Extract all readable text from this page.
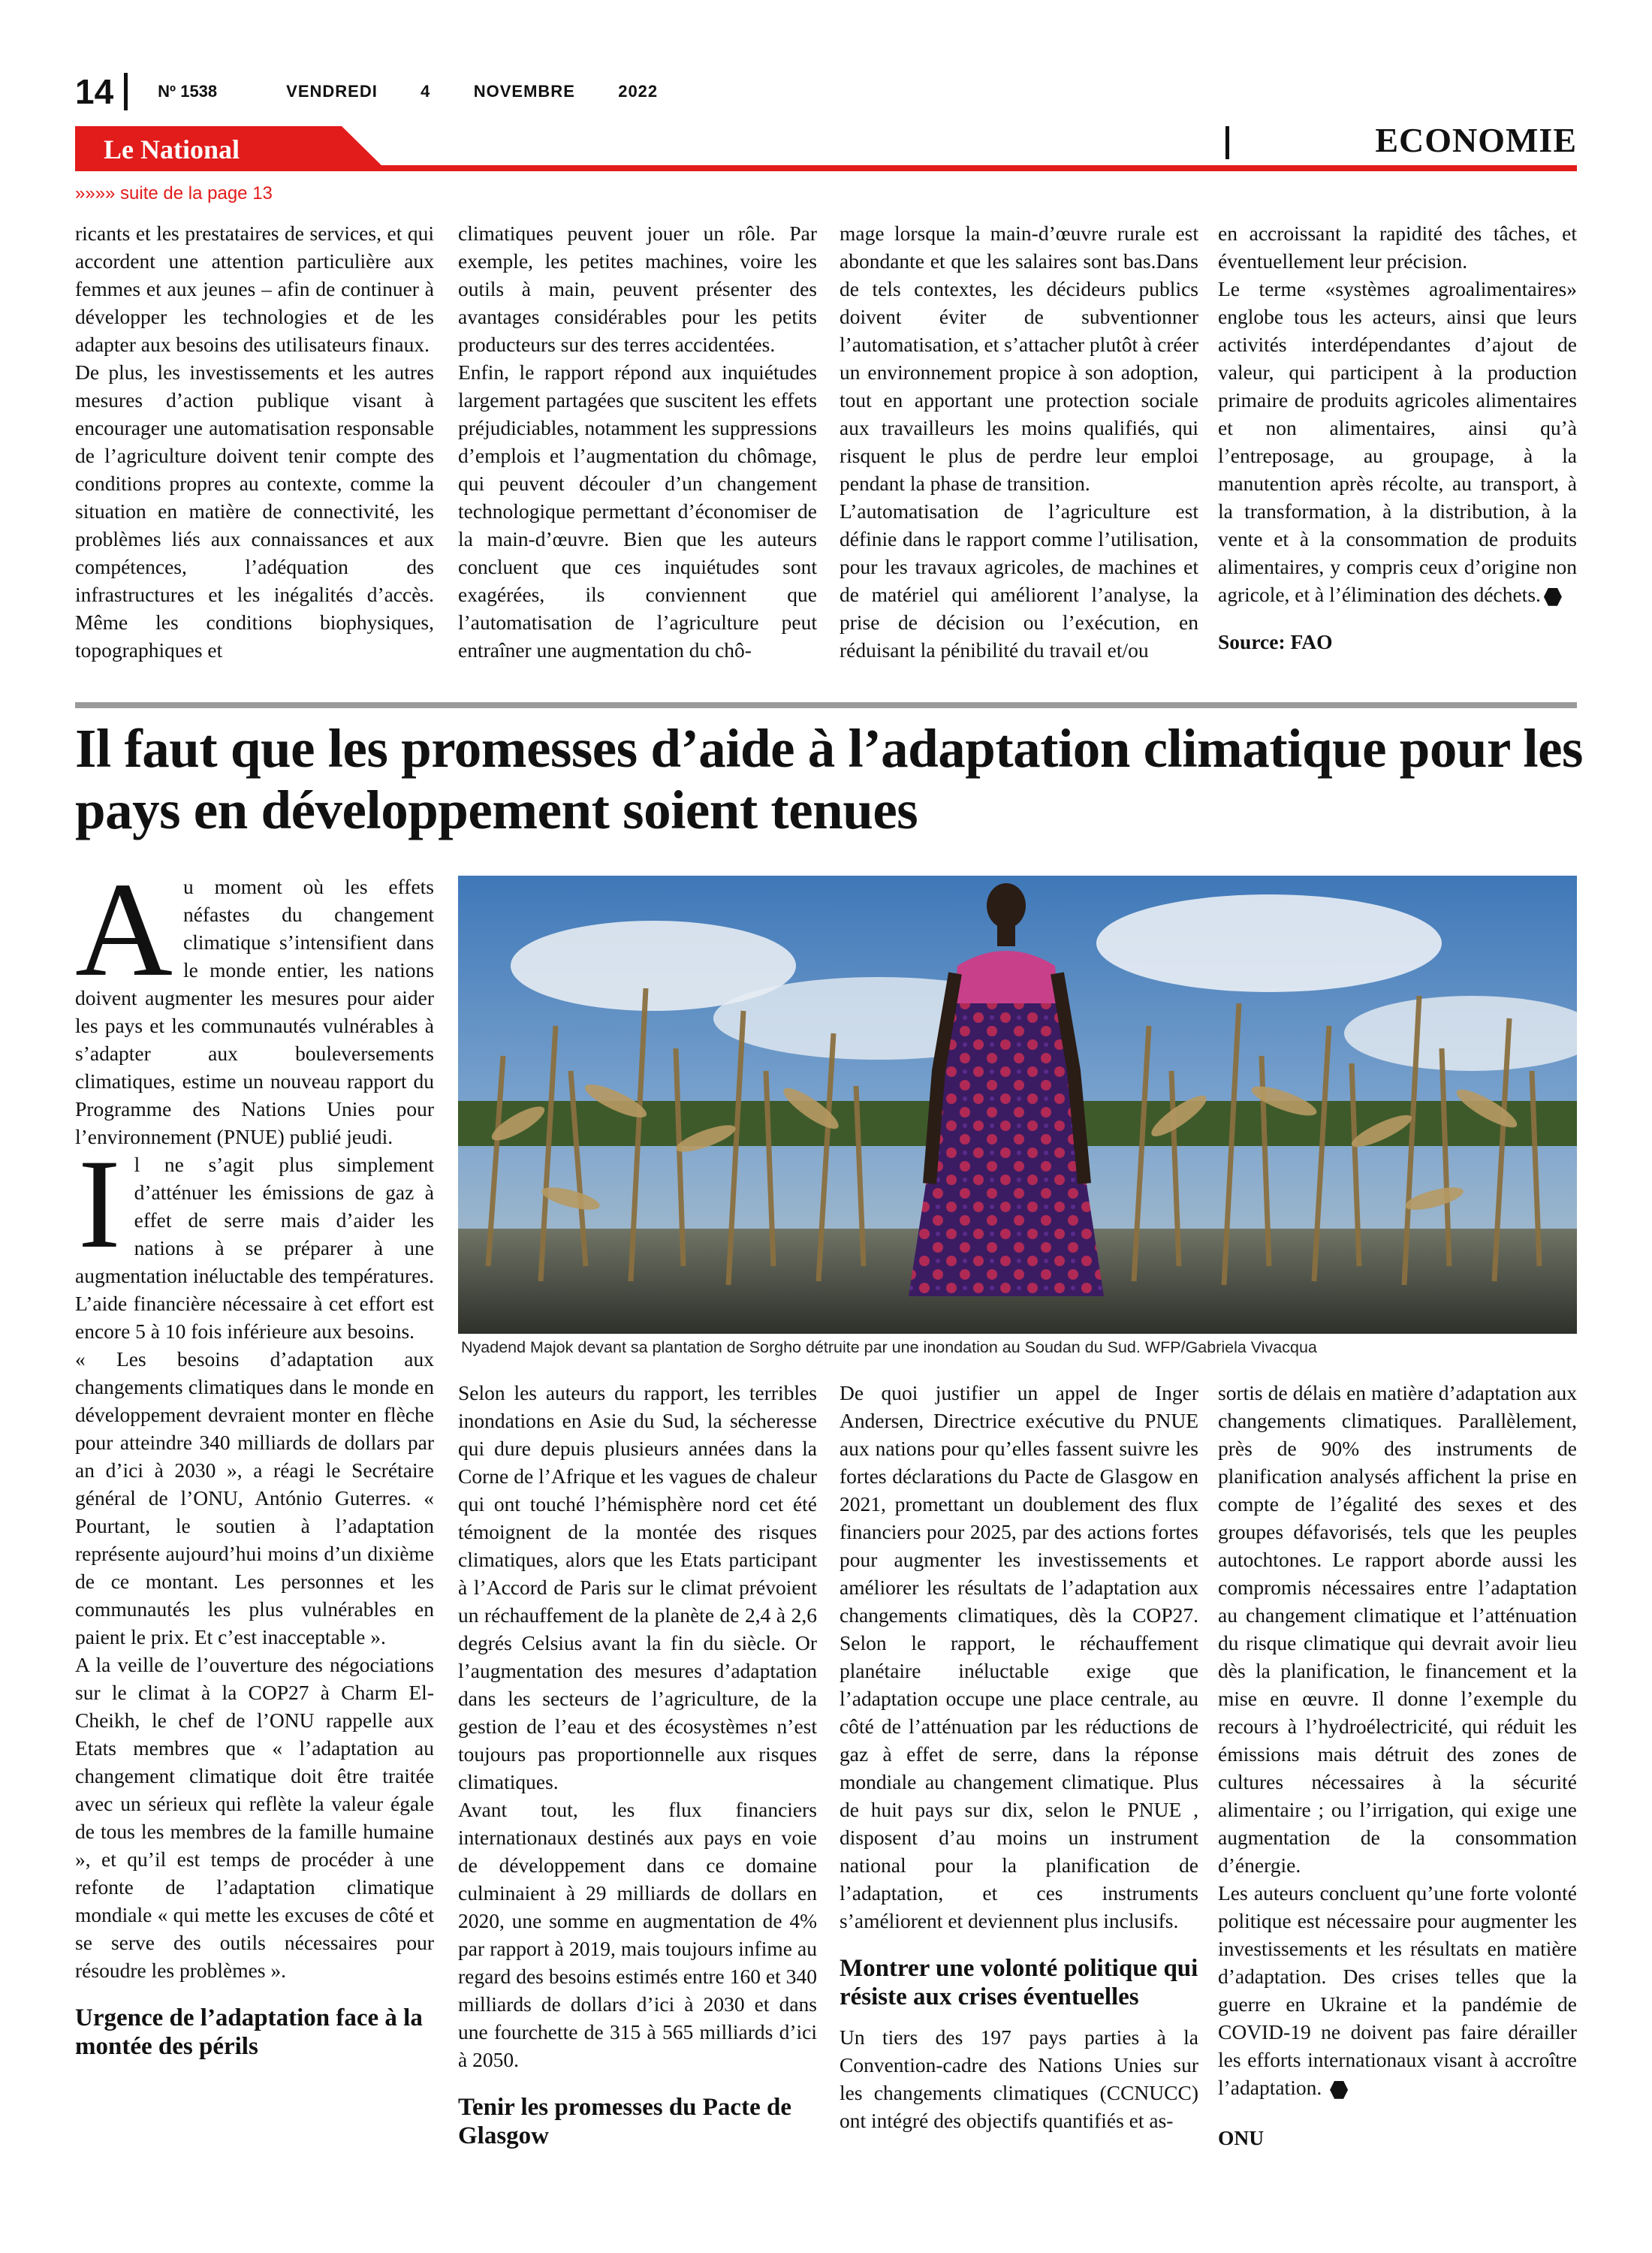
14	Nº 1538	VENDREDI   4   NOVEMBRE   2022
Le National	ECONOMIE
»»»» suite de la page 13

ricants et les prestataires de services, et qui accordent une attention particulière aux femmes et aux jeunes – afin de continuer à développer les technologies et de les adapter aux besoins des utilisateurs finaux.

De plus, les investissements et les autres mesures d’action publique visant à encourager une automatisation responsable de l’agriculture doivent tenir compte des conditions propres au contexte, comme la situation en matière de connectivité, les problèmes liés aux connaissances et aux compétences, l’adéquation des infrastructures et les inégalités d’accès. Même les conditions biophysiques, topographiques et

climatiques peuvent jouer un rôle. Par exemple, les petites machines, voire les outils à main, peuvent présenter des avantages considérables pour les petits producteurs sur des terres accidentées.

Enfin, le rapport répond aux inquiétudes largement partagées que suscitent les effets préjudiciables, notamment les suppressions d’emplois et l’augmentation du chômage, qui peuvent découler d’un changement technologique permettant d’économiser de la main-d’œuvre. Bien que les auteurs concluent que ces inquiétudes sont exagérées, ils conviennent que l’automatisation de l’agriculture peut entraîner une augmentation du chô-

mage lorsque la main-d’œuvre rurale est abondante et que les salaires sont bas.Dans de tels contextes, les décideurs publics doivent éviter de subventionner l’automatisation, et s’attacher plutôt à créer un environnement propice à son adoption, tout en apportant une protection sociale aux travailleurs les moins qualifiés, qui risquent le plus de perdre leur emploi pendant la phase de transition.

L’automatisation de l’agriculture est définie dans le rapport comme l’utilisation, pour les travaux agricoles, de machines et de matériel qui améliorent l’analyse, la prise de décision ou l’exécution, en réduisant la pénibilité du travail et/ou

en accroissant la rapidité des tâches, et éventuellement leur précision.

Le terme «systèmes agroalimentaires» englobe tous les acteurs, ainsi que leurs activités interdépendantes d’ajout de valeur, qui participent à la production primaire de produits agricoles alimentaires et non alimentaires, ainsi qu’à l’entreposage, au groupage, à la manutention après récolte, au transport, à la transformation, à la distribution, à la vente et à la consommation de produits alimentaires, y compris ceux d’origine non agricole, et à l’élimination des déchets.

Source: FAO

Il faut que les promesses d’aide à l’adaptation climatique pour les pays en développement soient tenues
Nyadend Majok devant sa plantation de Sorgho détruite par une inondation au Soudan du Sud. WFP/Gabriela Vivacqua

Au moment où les effets néfastes du changement climatique s’intensifient dans le monde entier, les nations doivent augmenter les mesures pour aider les pays et les communautés vulnérables à s’adapter aux bouleversements climatiques, estime un nouveau rapport du Programme des Nations Unies pour l’environnement (PNUE) publié jeudi.

Il ne s’agit plus simplement d’atténuer les émissions de gaz à effet de serre mais d’aider les nations à se préparer à une augmentation inéluctable des températures. L’aide financière nécessaire à cet effort est encore 5 à 10 fois inférieure aux besoins.

« Les besoins d’adaptation aux changements climatiques dans le monde en développement devraient monter en flèche pour atteindre 340 milliards de dollars par an d’ici à 2030 », a réagi le Secrétaire général de l’ONU, António Guterres. « Pourtant, le soutien à l’adaptation représente aujourd’hui moins d’un dixième de ce montant. Les personnes et les communautés les plus vulnérables en paient le prix. Et c’est inacceptable ».

A la veille de l’ouverture des négociations sur le climat à la COP27 à Charm El-Cheikh, le chef de l’ONU rappelle aux Etats membres que « l’adaptation au changement climatique doit être traitée avec un sérieux qui reflète la valeur égale de tous les membres de la famille humaine », et qu’il est temps de procéder à une refonte de l’adaptation climatique mondiale « qui mette les excuses de côté et se serve des outils nécessaires pour résoudre les problèmes ».

Urgence de l’adaptation face à la montée des périls

Selon les auteurs du rapport, les terribles inondations en Asie du Sud, la sécheresse qui dure depuis plusieurs années dans la Corne de l’Afrique et les vagues de chaleur qui ont touché l’hémisphère nord cet été témoignent de la montée des risques climatiques, alors que les Etats participant à l’Accord de Paris sur le climat prévoient un réchauffement de la planète de 2,4 à 2,6 degrés Celsius avant la fin du siècle. Or l’augmentation des mesures d’adaptation dans les secteurs de l’agriculture, de la gestion de l’eau et des écosystèmes n’est toujours pas proportionnelle aux risques climatiques.

Avant tout, les flux financiers internationaux destinés aux pays en voie de développement dans ce domaine culminaient à 29 milliards de dollars en 2020, une somme en augmentation de 4% par rapport à 2019, mais toujours infime au regard des besoins estimés entre 160 et 340 milliards de dollars d’ici à 2030 et dans une fourchette de 315 à 565 milliards d’ici à 2050.

Tenir les promesses du Pacte de Glasgow

De quoi justifier un appel de Inger Andersen, Directrice exécutive du PNUE aux nations pour qu’elles fassent suivre les fortes déclarations du Pacte de Glasgow en 2021, promettant un doublement des flux financiers pour 2025, par des actions fortes pour augmenter les investissements et améliorer les résultats de l’adaptation aux changements climatiques, dès la COP27. Selon le rapport, le réchauffement planétaire inéluctable exige que l’adaptation occupe une place centrale, au côté de l’atténuation par les réductions de gaz à effet de serre, dans la réponse mondiale au changement climatique. Plus de huit pays sur dix, selon le PNUE , disposent d’au moins un instrument national pour la planification de l’adaptation, et ces instruments s’améliorent et deviennent plus inclusifs.

Montrer une volonté politique qui résiste aux crises éventuelles

Un tiers des 197 pays parties à la Convention-cadre des Nations Unies sur les changements climatiques (CCNUCC) ont intégré des objectifs quantifiés et as-

sortis de délais en matière d’adaptation aux changements climatiques. Parallèlement, près de 90% des instruments de planification analysés affichent la prise en compte de l’égalité des sexes et des groupes défavorisés, tels que les peuples autochtones. Le rapport aborde aussi les compromis nécessaires entre l’adaptation au changement climatique et l’atténuation du risque climatique qui devrait avoir lieu dès la planification, le financement et la mise en œuvre. Il donne l’exemple du recours à l’hydroélectricité, qui réduit les émissions mais détruit des zones de cultures nécessaires à la sécurité alimentaire ; ou l’irrigation, qui exige une augmentation de la consommation d’énergie.

Les auteurs concluent qu’une forte volonté politique est nécessaire pour augmenter les investissements et les résultats en matière d’adaptation. Des crises telles que la guerre en Ukraine et la pandémie de COVID-19 ne doivent pas faire dérailler les efforts internationaux visant à accroître l’adaptation.

ONU
